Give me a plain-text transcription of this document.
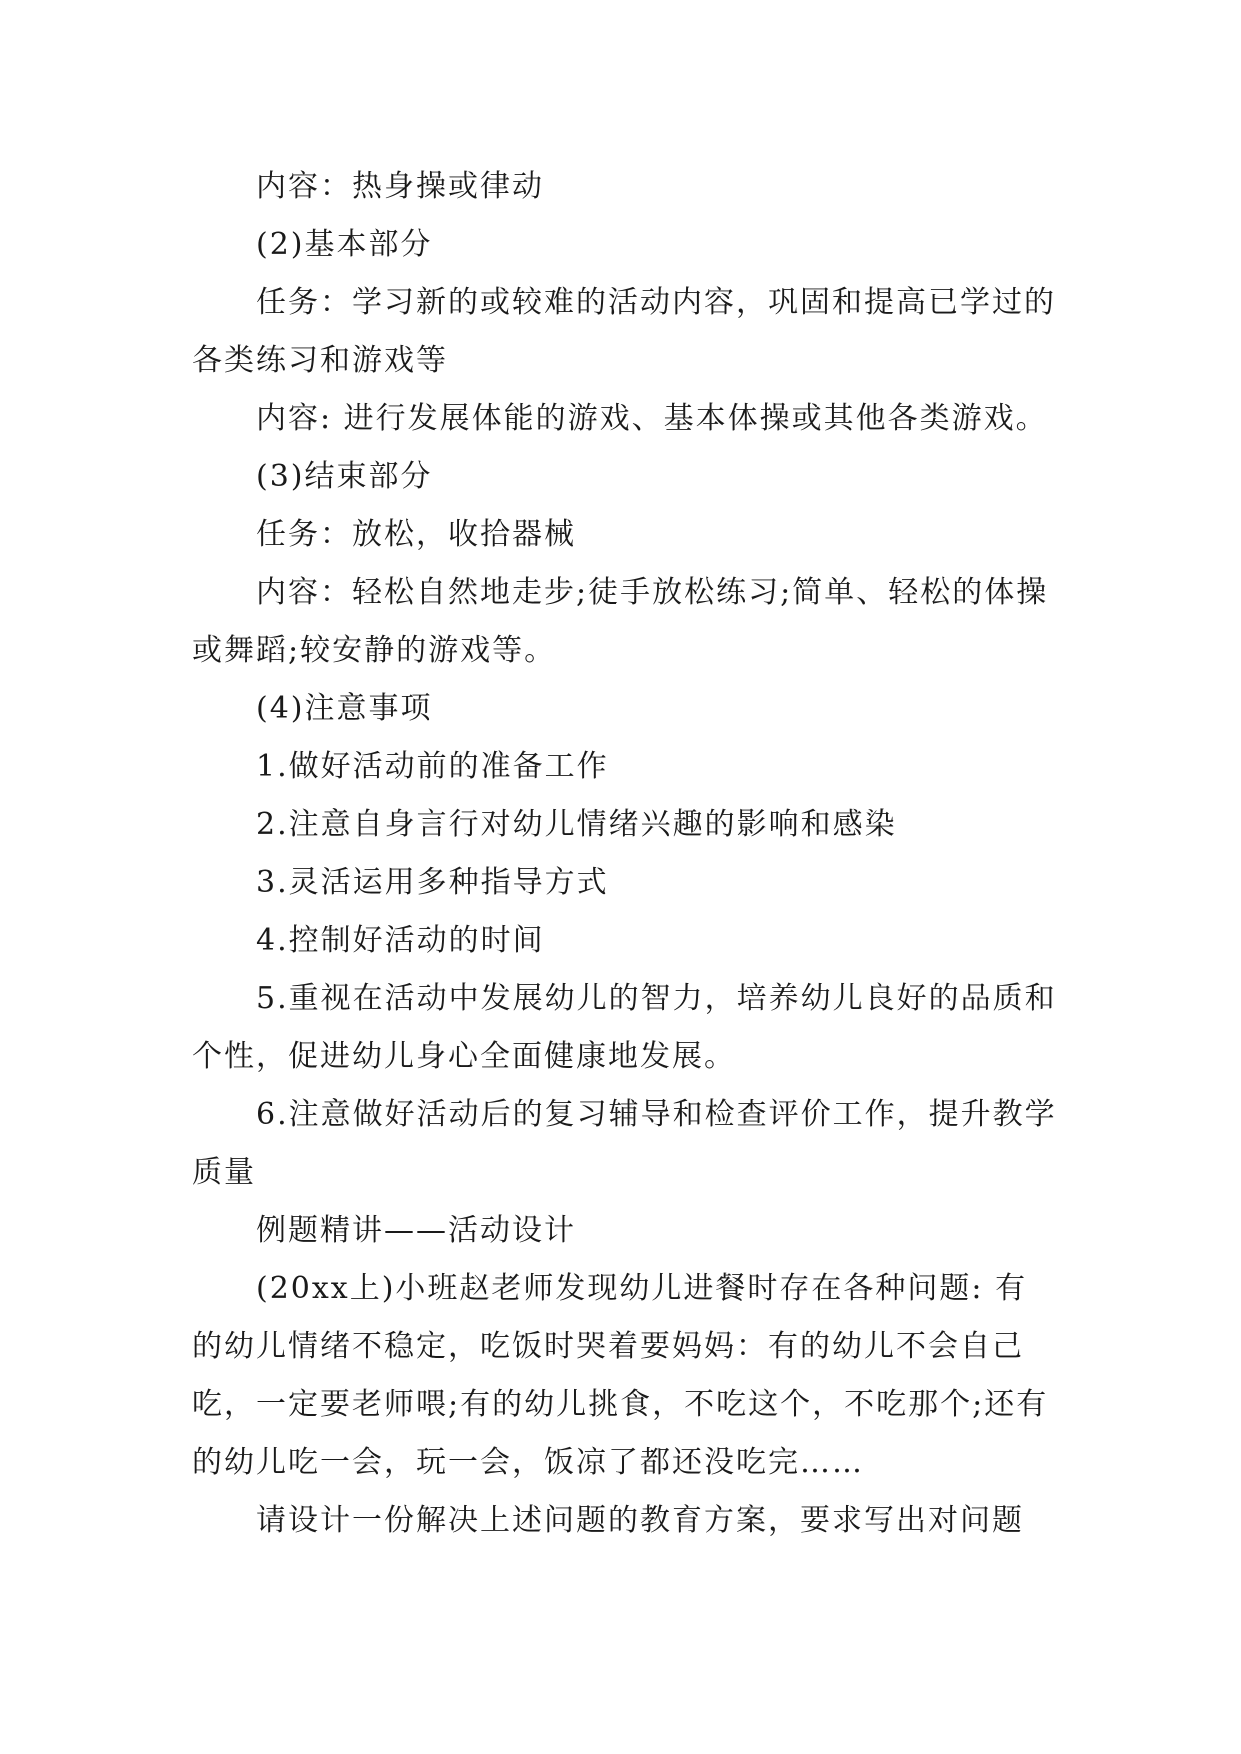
内容：热身操或律动

(2)基本部分

任务：学习新的或较难的活动内容，巩固和提高已学过的各类练习和游戏等

内容: 进行发展体能的游戏、基本体操或其他各类游戏。

(3)结束部分

任务：放松，收拾器械

内容：轻松自然地走步;徒手放松练习;简单、轻松的体操或舞蹈;较安静的游戏等。

(4)注意事项

1.做好活动前的准备工作

2.注意自身言行对幼儿情绪兴趣的影响和感染

3.灵活运用多种指导方式

4.控制好活动的时间

5.重视在活动中发展幼儿的智力，培养幼儿良好的品质和个性，促进幼儿身心全面健康地发展。

6.注意做好活动后的复习辅导和检查评价工作，提升教学质量

例题精讲——活动设计

(20xx上)小班赵老师发现幼儿进餐时存在各种问题: 有的幼儿情绪不稳定，吃饭时哭着要妈妈：有的幼儿不会自己吃，一定要老师喂;有的幼儿挑食，不吃这个，不吃那个;还有的幼儿吃一会，玩一会，饭凉了都还没吃完……

请设计一份解决上述问题的教育方案，要求写出对问题
